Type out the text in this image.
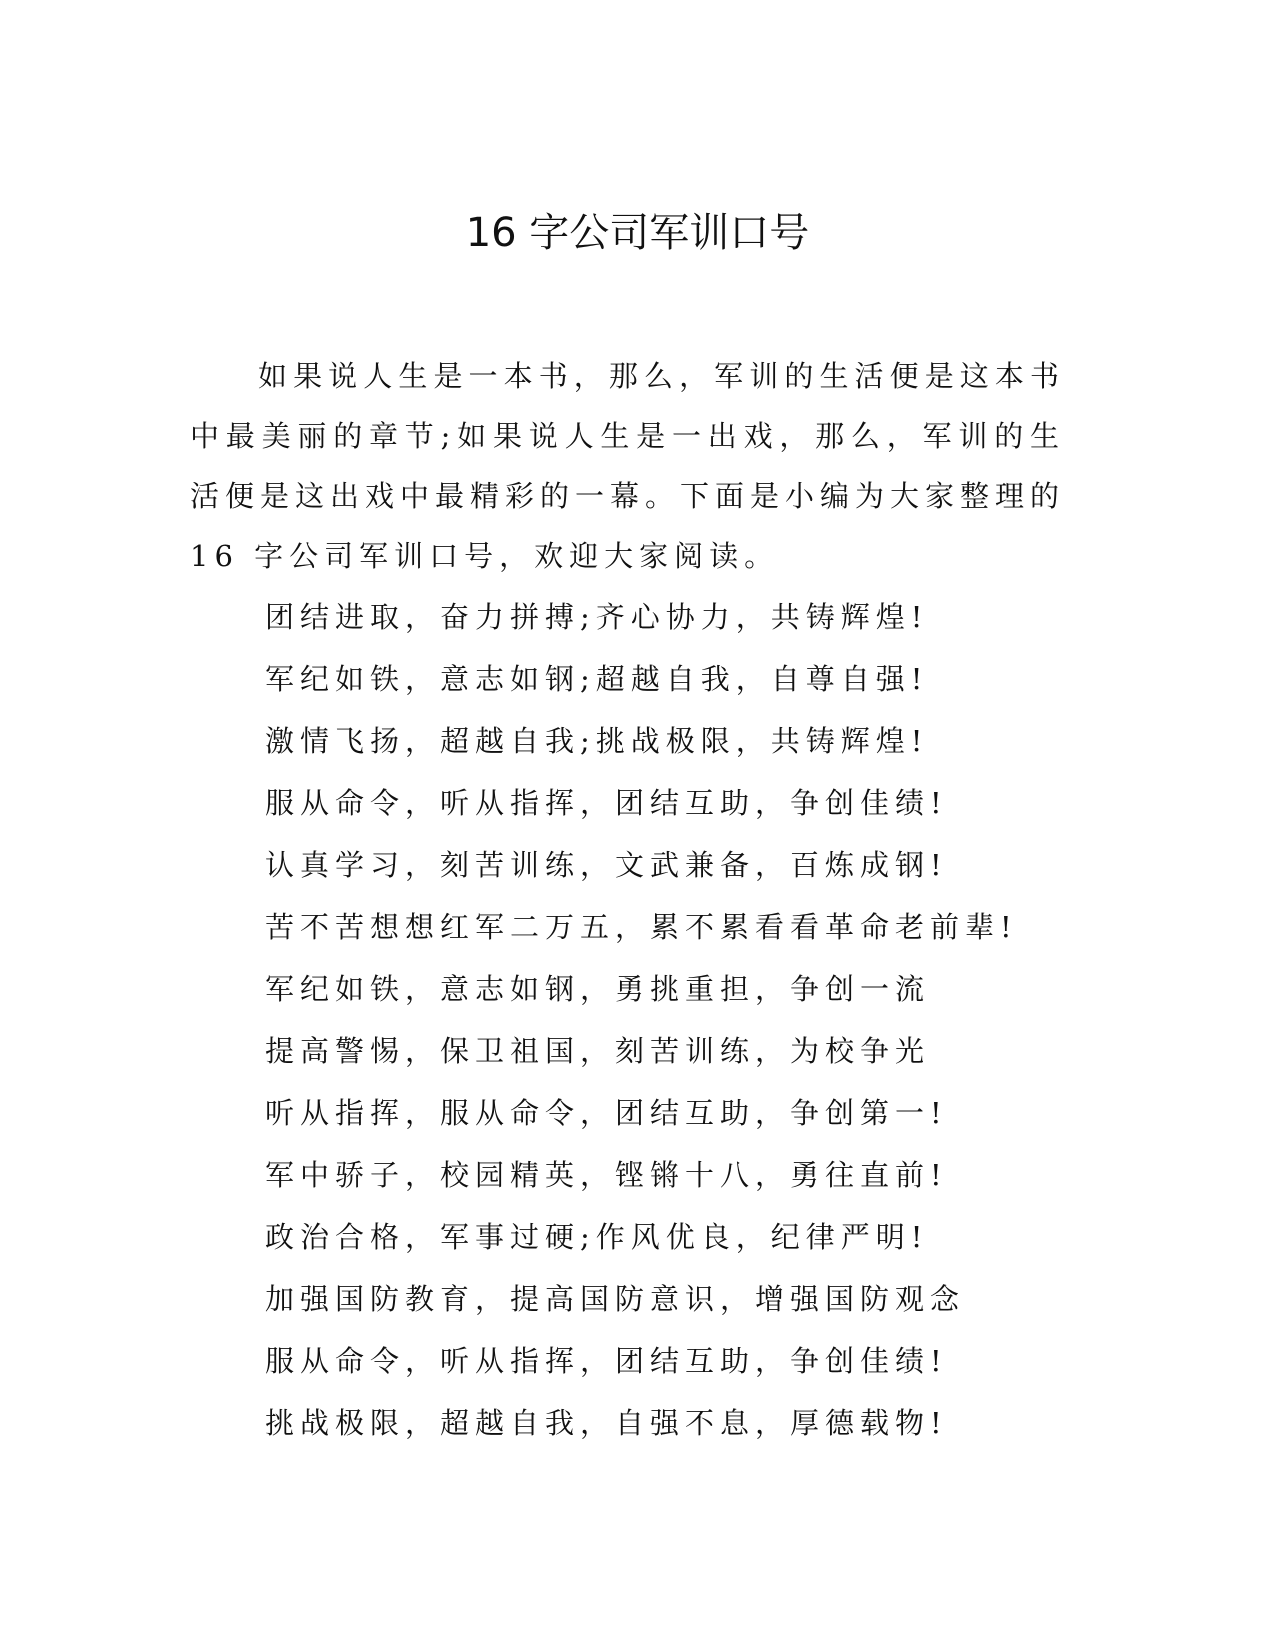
16 字公司军训口号

如果说人生是一本书，那么，军训的生活便是这本书中最美丽的章节;如果说人生是一出戏，那么，军训的生活便是这出戏中最精彩的一幕。下面是小编为大家整理的 16 字公司军训口号，欢迎大家阅读。

团结进取，奋力拼搏;齐心协力，共铸辉煌!
军纪如铁，意志如钢;超越自我，自尊自强!
激情飞扬，超越自我;挑战极限，共铸辉煌!
服从命令，听从指挥，团结互助，争创佳绩!
认真学习，刻苦训练，文武兼备，百炼成钢!
苦不苦想想红军二万五，累不累看看革命老前辈!
军纪如铁，意志如钢，勇挑重担，争创一流
提高警惕，保卫祖国，刻苦训练，为校争光
听从指挥，服从命令，团结互助，争创第一!
军中骄子，校园精英，铿锵十八，勇往直前!
政治合格，军事过硬;作风优良，纪律严明!
加强国防教育，提高国防意识，增强国防观念
服从命令，听从指挥，团结互助，争创佳绩!
挑战极限，超越自我，自强不息，厚德载物!
